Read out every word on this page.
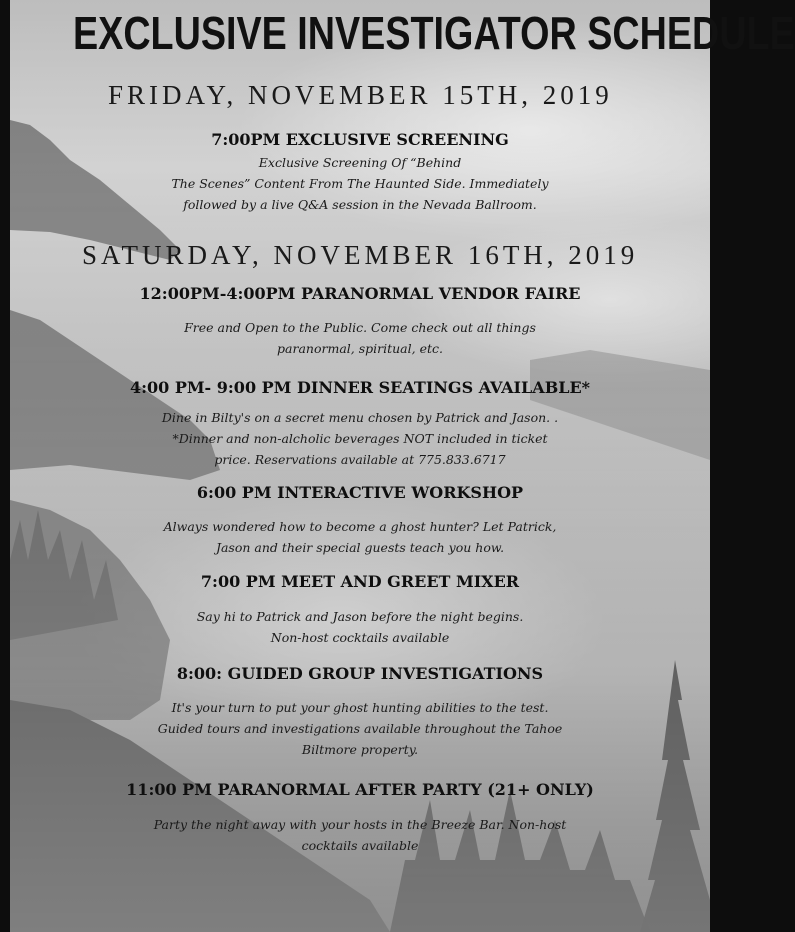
EXCLUSIVE INVESTIGATOR SCHEDULE
FRIDAY, NOVEMBER 15TH, 2019
7:00PM EXCLUSIVE SCREENING
Exclusive Screening Of “Behind
The Scenes” Content From The Haunted Side. Immediately
followed by a live Q&A session in the Nevada Ballroom.
SATURDAY, NOVEMBER 16TH, 2019
12:00PM-4:00PM PARANORMAL VENDOR FAIRE
Free and Open to the Public. Come check out all things
paranormal, spiritual, etc.
4:00 PM- 9:00 PM DINNER SEATINGS AVAILABLE*
Dine in Bilty's on a secret menu chosen by Patrick and Jason. .
*Dinner and non-alcholic beverages NOT included in ticket
price. Reservations available at 775.833.6717
6:00 PM INTERACTIVE WORKSHOP
Always wondered how to become a ghost hunter? Let Patrick,
Jason and their special guests teach you how.
7:00 PM MEET AND GREET MIXER
Say hi to Patrick and Jason before the night begins.
Non-host cocktails available
8:00: GUIDED GROUP INVESTIGATIONS
It's your turn to put your ghost hunting abilities to the test.
Guided tours and investigations available throughout the Tahoe
Biltmore property.
11:00 PM PARANORMAL AFTER PARTY (21+ ONLY)
Party the night away with your hosts in the Breeze Bar. Non-host
cocktails available
